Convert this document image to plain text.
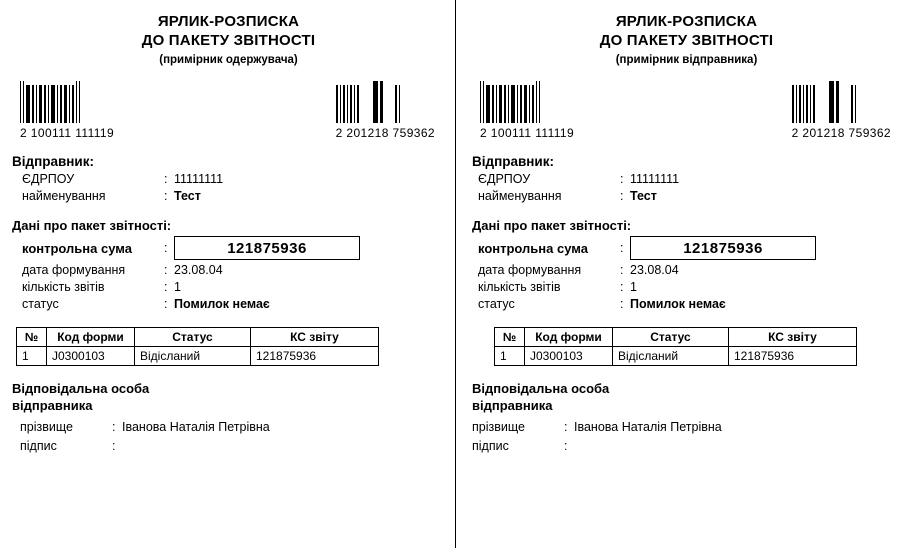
ЯРЛИК-РОЗПИСКА
ДО ПАКЕТУ ЗВІТНОСТІ
(примірник одержувача)
2 100111 111119	2 201218 759362
Відправник:
ЄДРПОУ	: 11111111
найменування	: Тест
Дані про пакет звітності:
контрольна сума	:	121875936
дата формування	: 23.08.04
кількість звітів	: 1
статус	: Помилок немає
№	Код форми	Статус	КС звіту
1	J0300103	Відісланий	121875936
Відповідальна особа
відправника
прізвище	: Іванова Наталія Петрівна
підпис	:
ЯРЛИК-РОЗПИСКА
ДО ПАКЕТУ ЗВІТНОСТІ
(примірник відправника)
2 100111 111119	2 201218 759362
Відправник:
ЄДРПОУ	: 11111111
найменування	: Тест
Дані про пакет звітності:
контрольна сума	:	121875936
дата формування	: 23.08.04
кількість звітів	: 1
статус	: Помилок немає
№	Код форми	Статус	КС звіту
1	J0300103	Відісланий	121875936
Відповідальна особа
відправника
прізвище	: Іванова Наталія Петрівна
підпис	:
